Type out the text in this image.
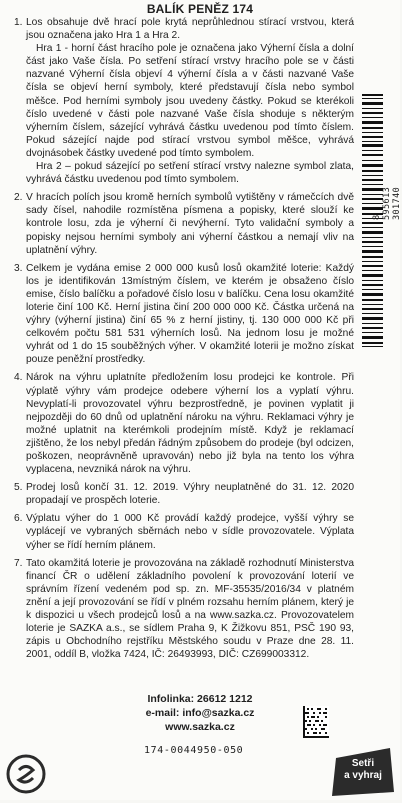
BALÍK PENĚZ 174
1. Los obsahuje dvě hrací pole krytá neprůhlednou stírací vrstvou, která jsou označena jako Hra 1 a Hra 2.

Hra 1 - horní část hracího pole je označena jako Výherní čísla a dolní část jako Vaše čísla. Po setření stírací vrstvy hracího pole se v části nazvané Výherní čísla objeví 4 výherní čísla a v části nazvané Vaše čísla se objeví herní symboly, které představují čísla nebo symbol měšce. Pod herními symboly jsou uvedeny částky. Pokud se kterékoli číslo uvedené v části pole nazvané Vaše čísla shoduje s některým výherním číslem, sázející vyhrává částku uvedenou pod tímto číslem. Pokud sázející najde pod stírací vrstvou symbol měšce, vyhrává dvojnásobek částky uvedené pod tímto symbolem.

Hra 2 – pokud sázející po setření stírací vrstvy nalezne symbol zlata, vyhrává částku uvedenou pod tímto symbolem.

2. V hracích polích jsou kromě herních symbolů vytištěny v rámečcích dvě sady čísel, nahodile rozmístěna písmena a popisky, které slouží ke kontrole losu, zda je výherní či nevýherní. Tyto validační symboly a popisky nejsou herními symboly ani výherní částkou a nemají vliv na uplatnění výhry.

3. Celkem je vydána emise 2 000 000 kusů losů okamžité loterie: Každý los je identifikován 13místným číslem, ve kterém je obsaženo číslo emise, číslo balíčku a pořadové číslo losu v balíčku. Cena losu okamžité loterie činí 100 Kč. Herní jistina činí 200 000 000 Kč. Částka určená na výhry (výherní jistina) činí 65 % z herní jistiny, tj. 130 000 000 Kč při celkovém počtu 581 531 výherních losů. Na jednom losu je možné vyhrát od 1 do 15 souběžných výher. V okamžité loterii je možno získat pouze peněžní prostředky.

4. Nárok na výhru uplatníte předložením losu prodejci ke kontrole. Při výplatě výhry vám prodejce odebere výherní los a vyplatí výhru. Nevyplatí-li provozovatel výhru bezprostředně, je povinen vyplatit ji nejpozději do 60 dnů od uplatnění nároku na výhru. Reklamaci výhry je možné uplatnit na kterémkoli prodejním místě. Když je reklamací zjištěno, že los nebyl předán řádným způsobem do prodeje (byl odcizen, poškozen, neoprávněně upravován) nebo již byla na tento los výhra vyplacena, nevzniká nárok na výhru.

5. Prodej losů končí 31. 12. 2019. Výhry neuplatněné do 31. 12. 2020 propadají ve prospěch loterie.

6. Výplatu výher do 1 000 Kč provádí každý prodejce, vyšší výhry se vyplácejí ve vybraných sběrnách nebo v sídle provozovatele. Výplata výher se řídí herním plánem.

7. Tato okamžitá loterie je provozována na základě rozhodnutí Ministerstva financí ČR o udělení základního povolení k provozování loterií ve správním řízení vedeném pod sp. zn. MF-35535/2016/34 v platném znění a její provozování se řídí v plném rozsahu herním plánem, který je k dispozici u všech prodejců losů a na www.sazka.cz. Provozovatelem loterie je SAZKA a.s., se sídlem Praha 9, K Žižkovu 851, PSČ 190 93, zápis u Obchodního rejstříku Městského soudu v Praze dne 28. 11. 2001, oddíl B, vložka 7424, IČ: 26493993, DIČ: CZ699003312.

8 595613 301740
Infolinka: 26612 1212
e-mail: info@sazka.cz
www.sazka.cz
174-0044950-050
Setři
a vyhraj
